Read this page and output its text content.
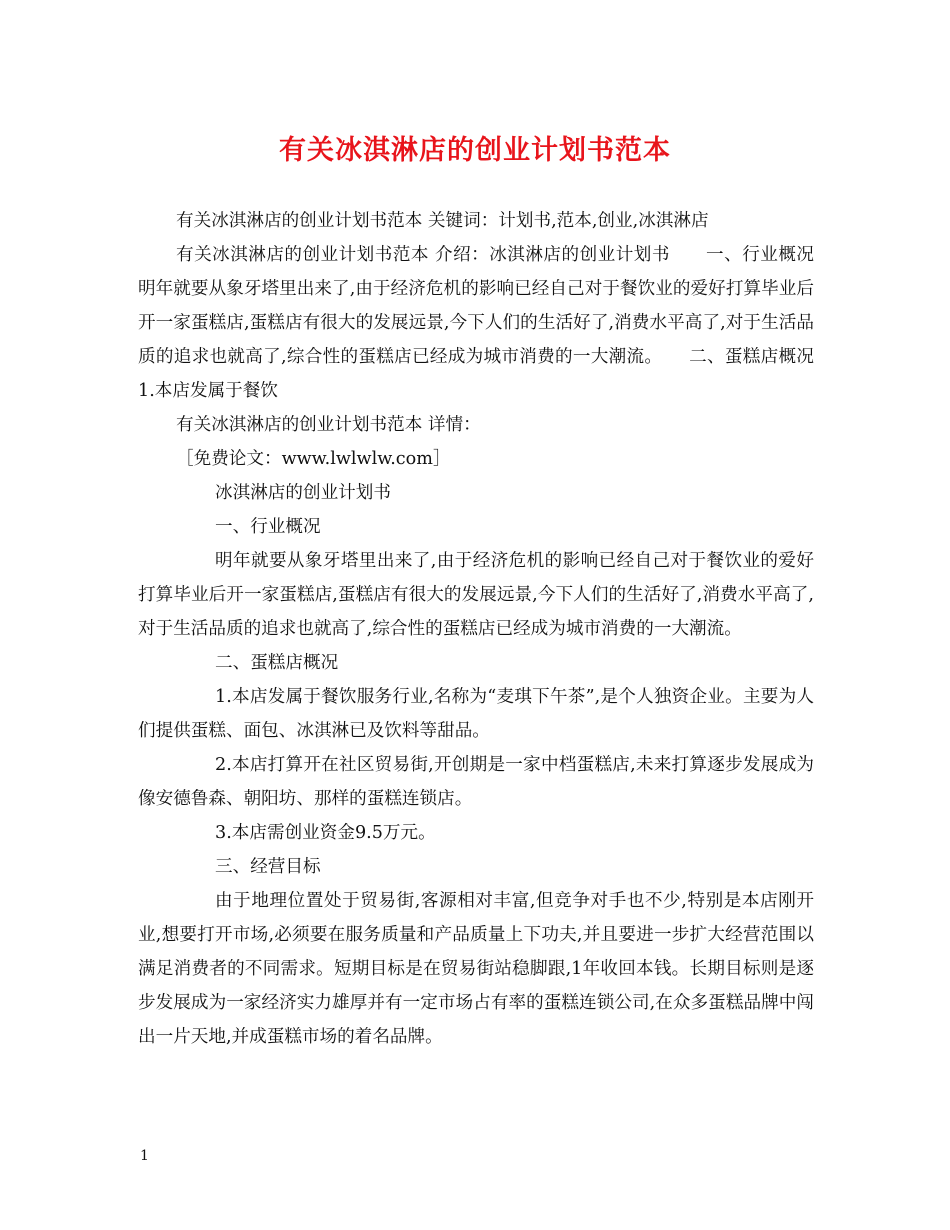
有关冰淇淋店的创业计划书范本

有关冰淇淋店的创业计划书范本 关键词：计划书,范本,创业,冰淇淋店

有关冰淇淋店的创业计划书范本 介绍：冰淇淋店的创业计划书　　一、行业概况　　明年就要从象牙塔里出来了,由于经济危机的影响已经自己对于餐饮业的爱好打算毕业后开一家蛋糕店,蛋糕店有很大的发展远景,今下人们的生活好了,消费水平高了,对于生活品质的追求也就高了,综合性的蛋糕店已经成为城市消费的一大潮流。　　二、蛋糕店概况　　1.本店发属于餐饮

有关冰淇淋店的创业计划书范本 详情：

［免费论文：www.lwlwlw.com］

冰淇淋店的创业计划书

一、行业概况

明年就要从象牙塔里出来了,由于经济危机的影响已经自己对于餐饮业的爱好打算毕业后开一家蛋糕店,蛋糕店有很大的发展远景,今下人们的生活好了,消费水平高了,对于生活品质的追求也就高了,综合性的蛋糕店已经成为城市消费的一大潮流。

二、蛋糕店概况

1.本店发属于餐饮服务行业,名称为“麦琪下午茶”,是个人独资企业。主要为人们提供蛋糕、面包、冰淇淋已及饮料等甜品。

2.本店打算开在社区贸易街,开创期是一家中档蛋糕店,未来打算逐步发展成为像安德鲁森、朝阳坊、那样的蛋糕连锁店。

3.本店需创业资金9.5万元。

三、经营目标

由于地理位置处于贸易街,客源相对丰富,但竞争对手也不少,特别是本店刚开业,想要打开市场,必须要在服务质量和产品质量上下功夫,并且要进一步扩大经营范围以满足消费者的不同需求。短期目标是在贸易街站稳脚跟,1年收回本钱。长期目标则是逐步发展成为一家经济实力雄厚并有一定市场占有率的蛋糕连锁公司,在众多蛋糕品牌中闯出一片天地,并成蛋糕市场的着名品牌。

1
